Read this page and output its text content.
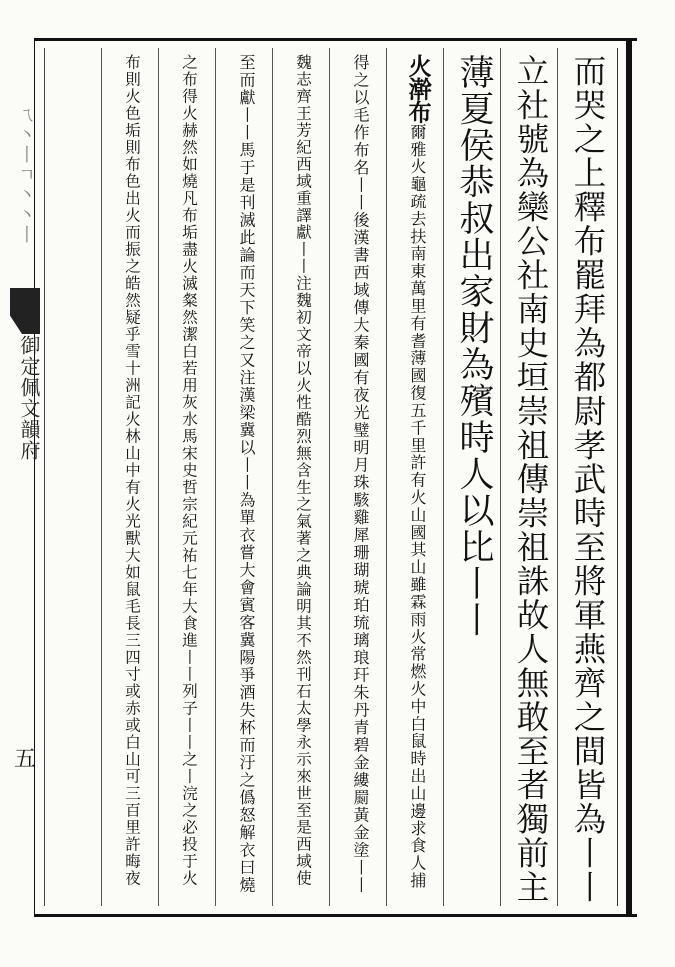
ㄟ丶丨ㄱ丶丶丨
御定佩文韻府
五	而哭之上釋布罷拜為都尉孝武時至將軍燕齊之間皆為丨丨
立社號為欒公社南史垣崇祖傳崇祖誅故人無敢至者獨前主
薄夏侯恭叔出家財為殯時人以比丨丨
火澣布爾雅火龜疏去扶南東萬里有耆薄國復五千里許有火山國其山雖霖雨火常燃火中白鼠時出山邊求食人捕
得之以毛作布名丨丨後漢書西域傳大秦國有夜光璧明月珠駭雞犀珊瑚琥珀琉璃琅玕朱丹青碧金縷罽黃金塗丨丨
魏志齊王芳紀西域重譯獻丨丨注魏初文帝以火性酷烈無含生之氣著之典論明其不然刊石太學永示來世至是西域使
至而獻丨丨馬于是刊滅此論而天下笑之又注漢梁冀以丨丨為單衣嘗大會賓客冀陽爭酒失杯而汙之僞怒解衣曰燒
之布得火赫然如燒凡布垢盡火滅粲然潔白若用灰水馬宋史哲宗紀元祐七年大食進丨丨列子丨丨之丨浣之必投于火
布則火色垢則布色出火而振之皓然疑乎雪十洲記火林山中有火光獸大如鼠毛長三四寸或赤或白山可三百里許晦夜
